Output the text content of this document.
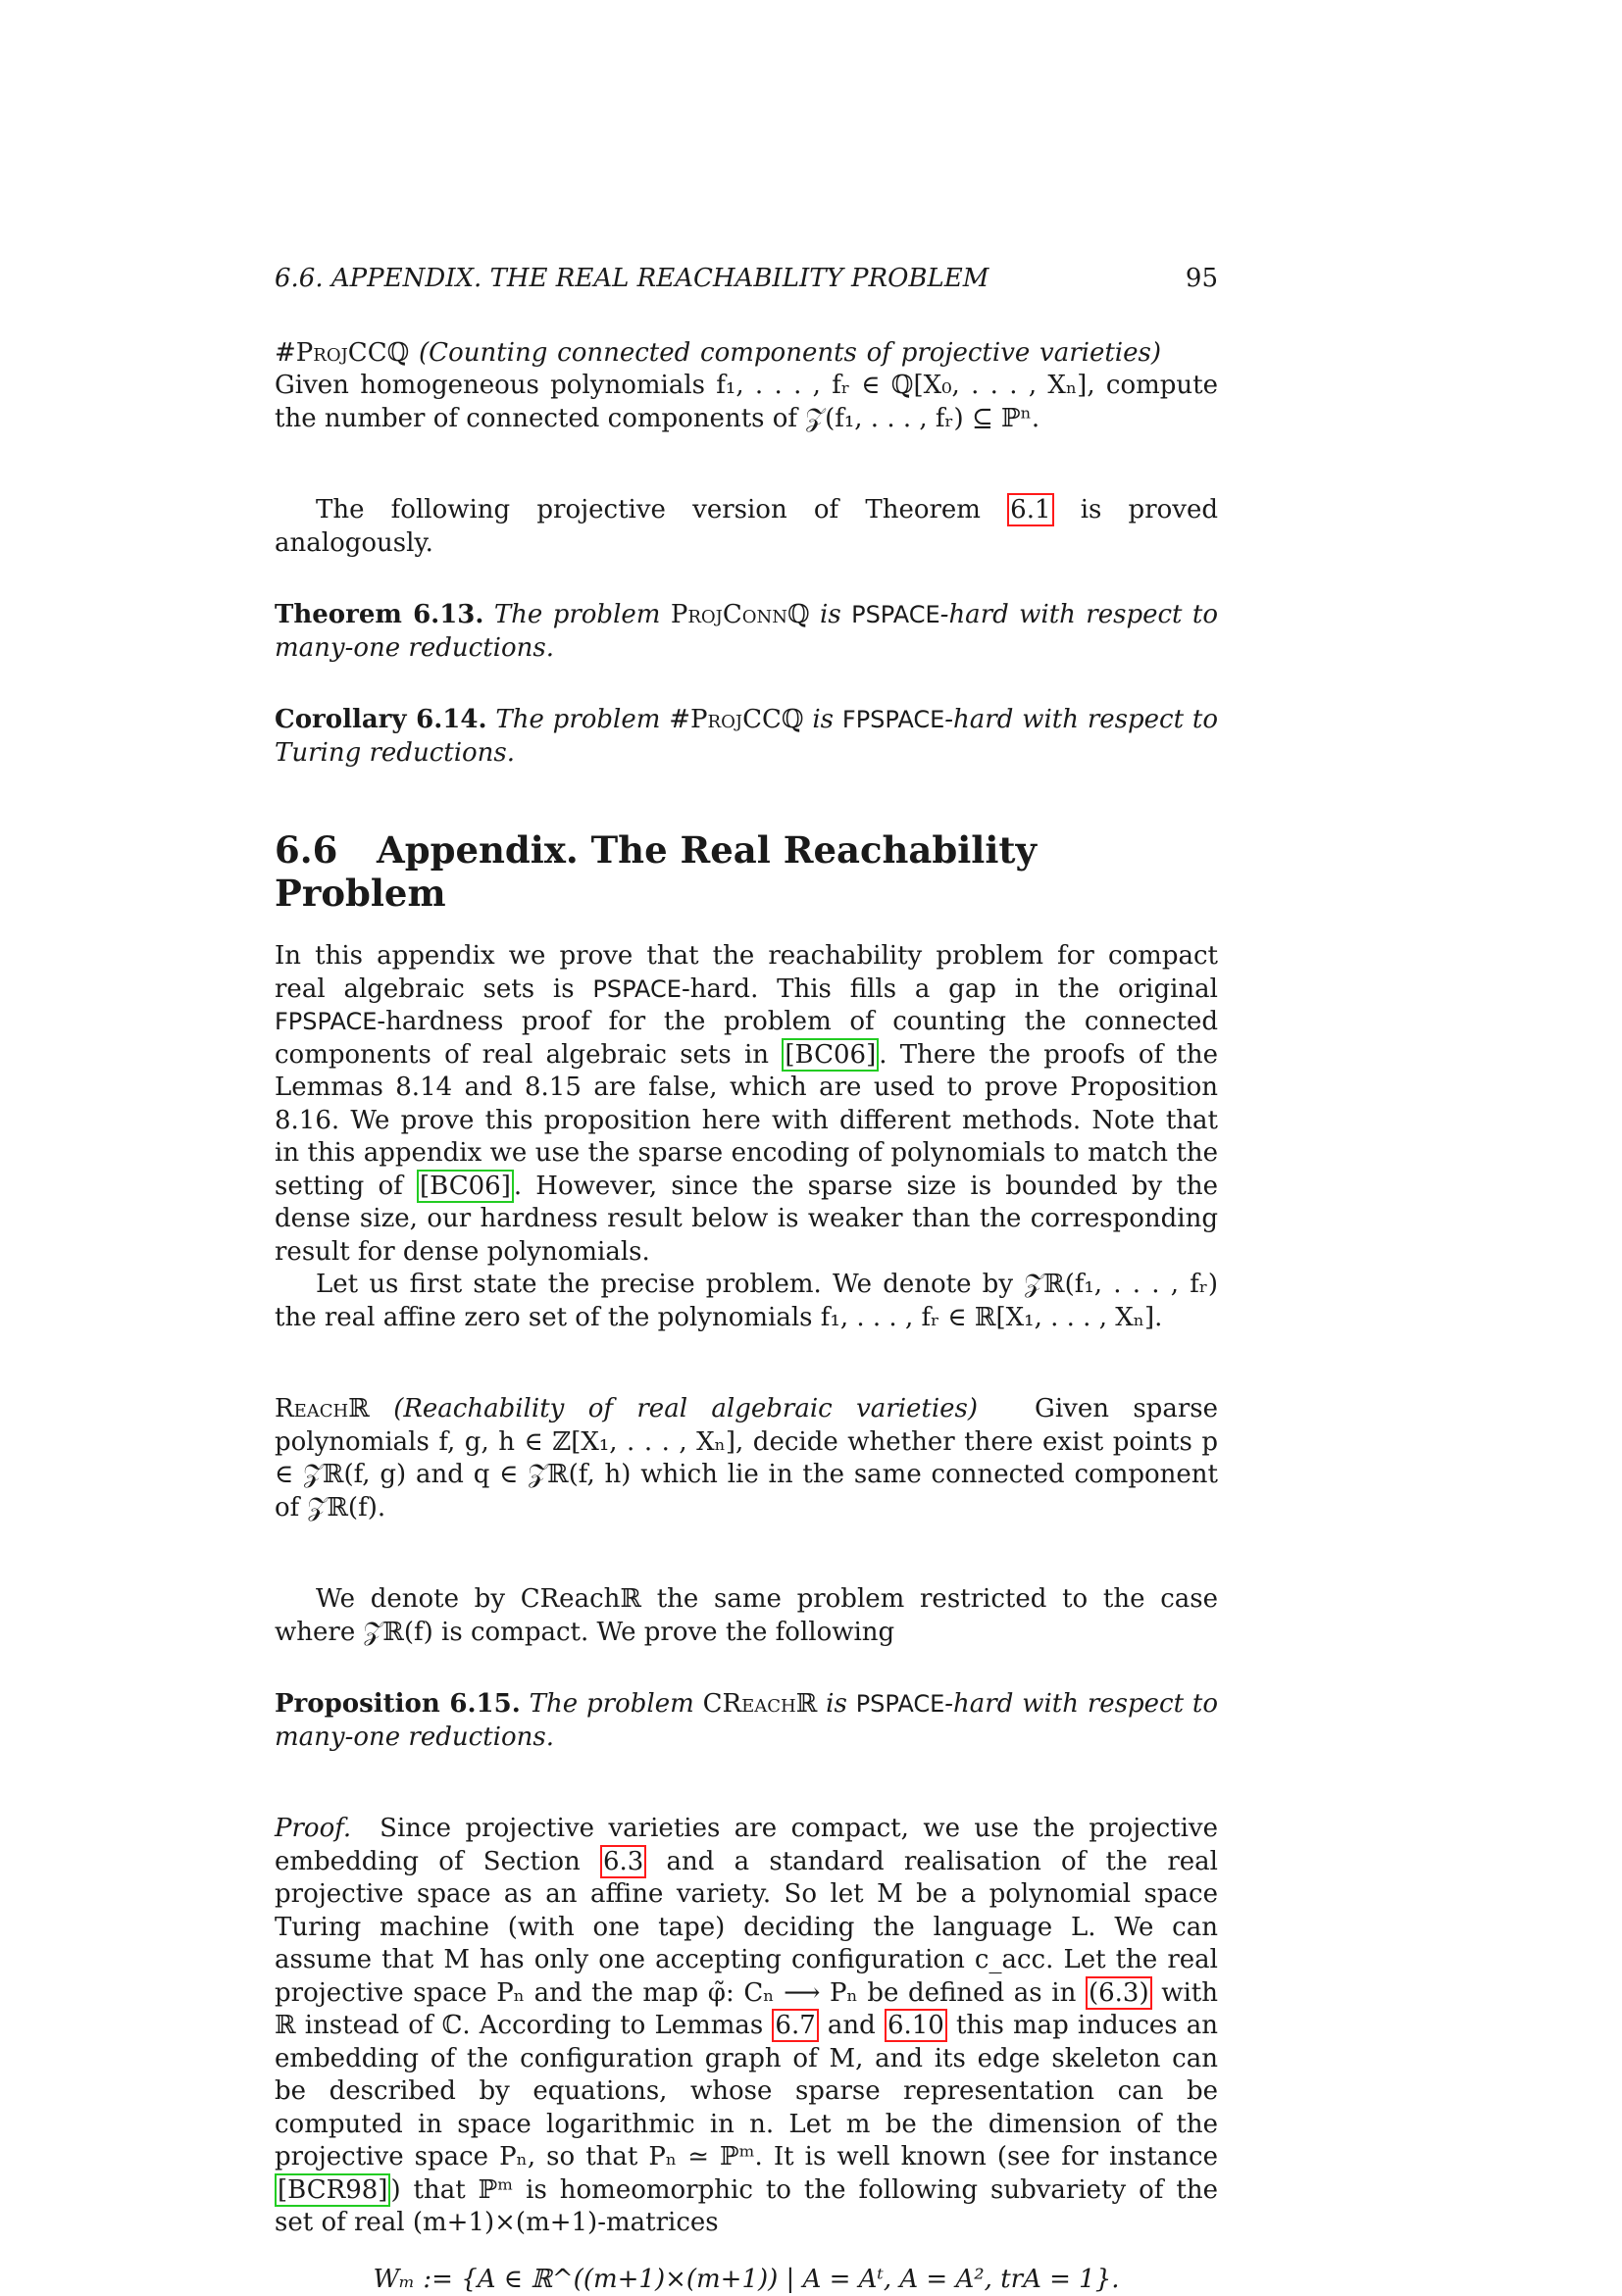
6.6. APPENDIX. THE REAL REACHABILITY PROBLEM	95

#ProjCCℚ (Counting connected components of projective varieties)Given homogeneous polynomials f₁, . . . , fᵣ ∈ ℚ[X₀, . . . , Xₙ], compute the number of connected components of 𝒵(f₁, . . . , fᵣ) ⊆ ℙⁿ.

The following projective version of Theorem 6.1 is proved analogously.

Theorem 6.13. The problem ProjConnℚ is PSPACE-hard with respect to many-one reductions.

Corollary 6.14. The problem #ProjCCℚ is FPSPACE-hard with respect to Turing reductions.

6.6 Appendix. The Real Reachability Problem

In this appendix we prove that the reachability problem for compact real algebraic sets is PSPACE-hard. This fills a gap in the original FPSPACE-hardness proof for the problem of counting the connected components of real algebraic sets in [BC06] . There the proofs of the Lemmas 8.14 and 8.15 are false, which are used to prove Proposition 8.16. We prove this proposition here with different methods. Note that in this appendix we use the sparse encoding of polynomials to match the setting of [BC06] . However, since the sparse size is bounded by the dense size, our hardness result below is weaker than the corresponding result for dense polynomials.

Let us first state the precise problem. We denote by 𝒵ℝ(f₁, . . . , fᵣ) the real affine zero set of the polynomials f₁, . . . , fᵣ ∈ ℝ[X₁, . . . , Xₙ].

Reachℝ (Reachability of real algebraic varieties) Given sparse polynomials f, g, h ∈ ℤ[X₁, . . . , Xₙ], decide whether there exist points p ∈ 𝒵ℝ(f, g) and q ∈ 𝒵ℝ(f, h) which lie in the same connected component of 𝒵ℝ(f).

We denote by CReachℝ the same problem restricted to the case where 𝒵ℝ(f) is compact. We prove the following

Proposition 6.15. The problem CReachℝ is PSPACE-hard with respect to many-one reductions.

Proof. Since projective varieties are compact, we use the projective embedding of Section 6.3 and a standard realisation of the real projective space as an affine variety. So let M be a polynomial space Turing machine (with one tape) deciding the language L. We can assume that M has only one accepting configuration c_acc. Let the real projective space Pₙ and the map φ̃: Cₙ ⟶ Pₙ be defined as in (6.3) with ℝ instead of ℂ. According to Lemmas 6.7 and 6.10 this map induces an embedding of the configuration graph of M, and its edge skeleton can be described by equations, whose sparse representation can be computed in space logarithmic in n. Let m be the dimension of the projective space Pₙ, so that Pₙ ≃ ℙᵐ. It is well known (see for instance [BCR98] ) that ℙᵐ is homeomorphic to the following subvariety of the set of real (m+1)×(m+1)-matrices

Wₘ := {A ∈ ℝ^((m+1)×(m+1)) | A = Aᵗ, A = A², trA = 1}.
